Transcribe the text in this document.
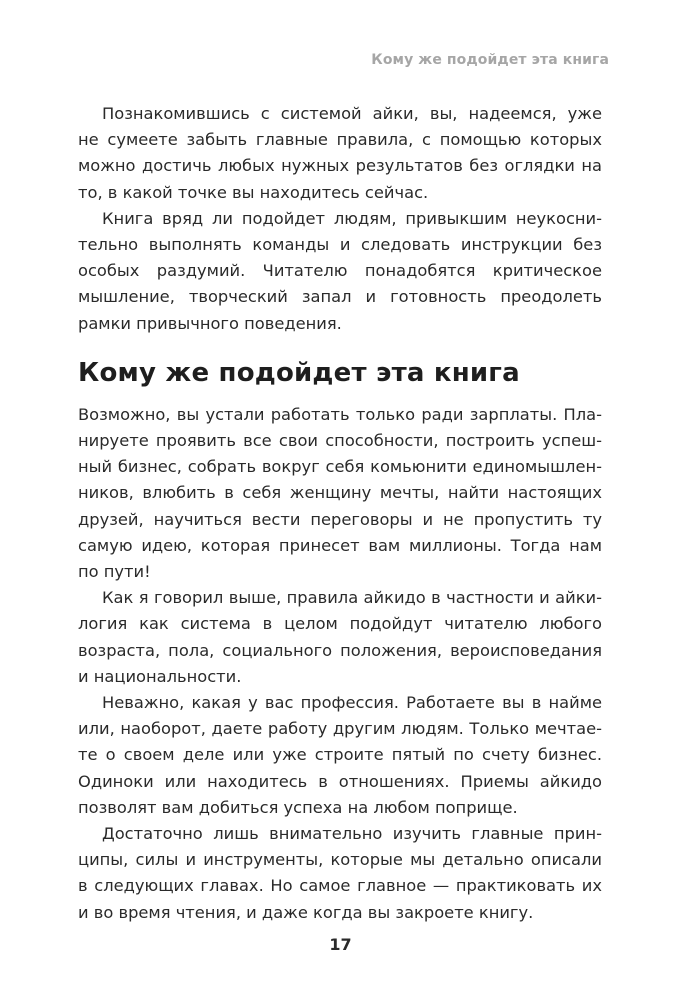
Кому же подойдет эта книга

Познакомившись с системой айки, вы, надеемся, уже
не сумеете забыть главные правила, с помощью которых
можно достичь любых нужных результатов без оглядки на
то, в какой точке вы находитесь сейчас.

Книга вряд ли подойдет людям, привыкшим неукосни-
тельно выполнять команды и следовать инструкции без
особых раздумий. Читателю понадобятся критическое
мышление, творческий запал и готовность преодолеть
рамки привычного поведения.

Кому же подойдет эта книга

Возможно, вы устали работать только ради зарплаты. Пла-
нируете проявить все свои способности, построить успеш-
ный бизнес, собрать вокруг себя комьюнити единомышлен-
ников, влюбить в себя женщину мечты, найти настоящих
друзей, научиться вести переговоры и не пропустить ту
самую идею, которая принесет вам миллионы. Тогда нам
по пути!

Как я говорил выше, правила айкидо в частности и айки-
логия как система в целом подойдут читателю любого
возраста, пола, социального положения, вероисповедания
и национальности.

Неважно, какая у вас профессия. Работаете вы в найме
или, наоборот, даете работу другим людям. Только мечтае-
те о своем деле или уже строите пятый по счету бизнес.
Одиноки или находитесь в отношениях. Приемы айкидо
позволят вам добиться успеха на любом поприще.

Достаточно лишь внимательно изучить главные прин-
ципы, силы и инструменты, которые мы детально описали
в следующих главах. Но самое главное — практиковать их
и во время чтения, и даже когда вы закроете книгу.

17
